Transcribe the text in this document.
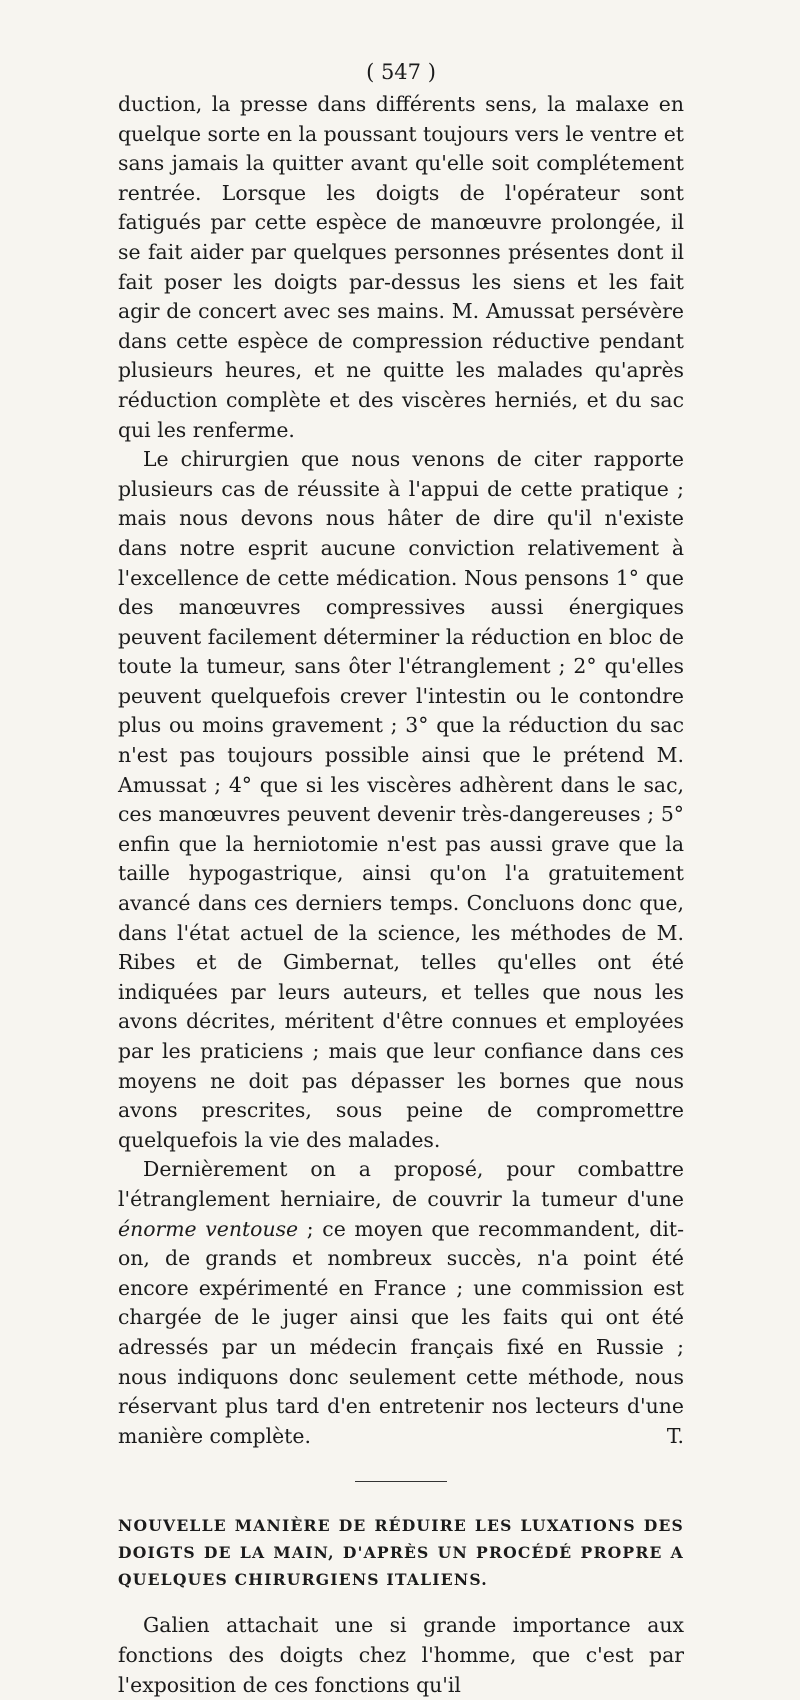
( 547 )

duction, la presse dans différents sens, la malaxe en quelque sorte en la poussant toujours vers le ventre et sans jamais la quitter avant qu'elle soit complétement rentrée. Lorsque les doigts de l'opérateur sont fatigués par cette espèce de manœuvre prolongée, il se fait aider par quelques personnes présentes dont il fait poser les doigts par-dessus les siens et les fait agir de concert avec ses mains. M. Amussat persévère dans cette espèce de compression réductive pendant plusieurs heures, et ne quitte les malades qu'après réduction complète et des viscères herniés, et du sac qui les renferme.

Le chirurgien que nous venons de citer rapporte plusieurs cas de réussite à l'appui de cette pratique ; mais nous devons nous hâter de dire qu'il n'existe dans notre esprit aucune conviction relativement à l'excellence de cette médication. Nous pensons 1° que des manœuvres compressives aussi énergiques peuvent facilement déterminer la réduction en bloc de toute la tumeur, sans ôter l'étranglement ; 2° qu'elles peuvent quelquefois crever l'intestin ou le contondre plus ou moins gravement ; 3° que la réduction du sac n'est pas toujours possible ainsi que le prétend M. Amussat ; 4° que si les viscères adhèrent dans le sac, ces manœuvres peuvent devenir très-dangereuses ; 5° enfin que la herniotomie n'est pas aussi grave que la taille hypogastrique, ainsi qu'on l'a gratuitement avancé dans ces derniers temps. Concluons donc que, dans l'état actuel de la science, les méthodes de M. Ribes et de Gimbernat, telles qu'elles ont été indiquées par leurs auteurs, et telles que nous les avons décrites, méritent d'être connues et employées par les praticiens ; mais que leur confiance dans ces moyens ne doit pas dépasser les bornes que nous avons prescrites, sous peine de compromettre quelquefois la vie des malades.

Dernièrement on a proposé, pour combattre l'étranglement herniaire, de couvrir la tumeur d'une énorme ventouse ; ce moyen que recommandent, dit-on, de grands et nombreux succès, n'a point été encore expérimenté en France ; une commission est chargée de le juger ainsi que les faits qui ont été adressés par un médecin français fixé en Russie ; nous indiquons donc seulement cette méthode, nous réservant plus tard d'en entretenir nos lecteurs d'une manière complète.	T.

NOUVELLE MANIÈRE DE RÉDUIRE LES LUXATIONS DES DOIGTS DE LA MAIN, D'APRÈS UN PROCÉDÉ PROPRE A QUELQUES CHIRURGIENS ITALIENS.

Galien attachait une si grande importance aux fonctions des doigts chez l'homme, que c'est par l'exposition de ces fonctions qu'il
